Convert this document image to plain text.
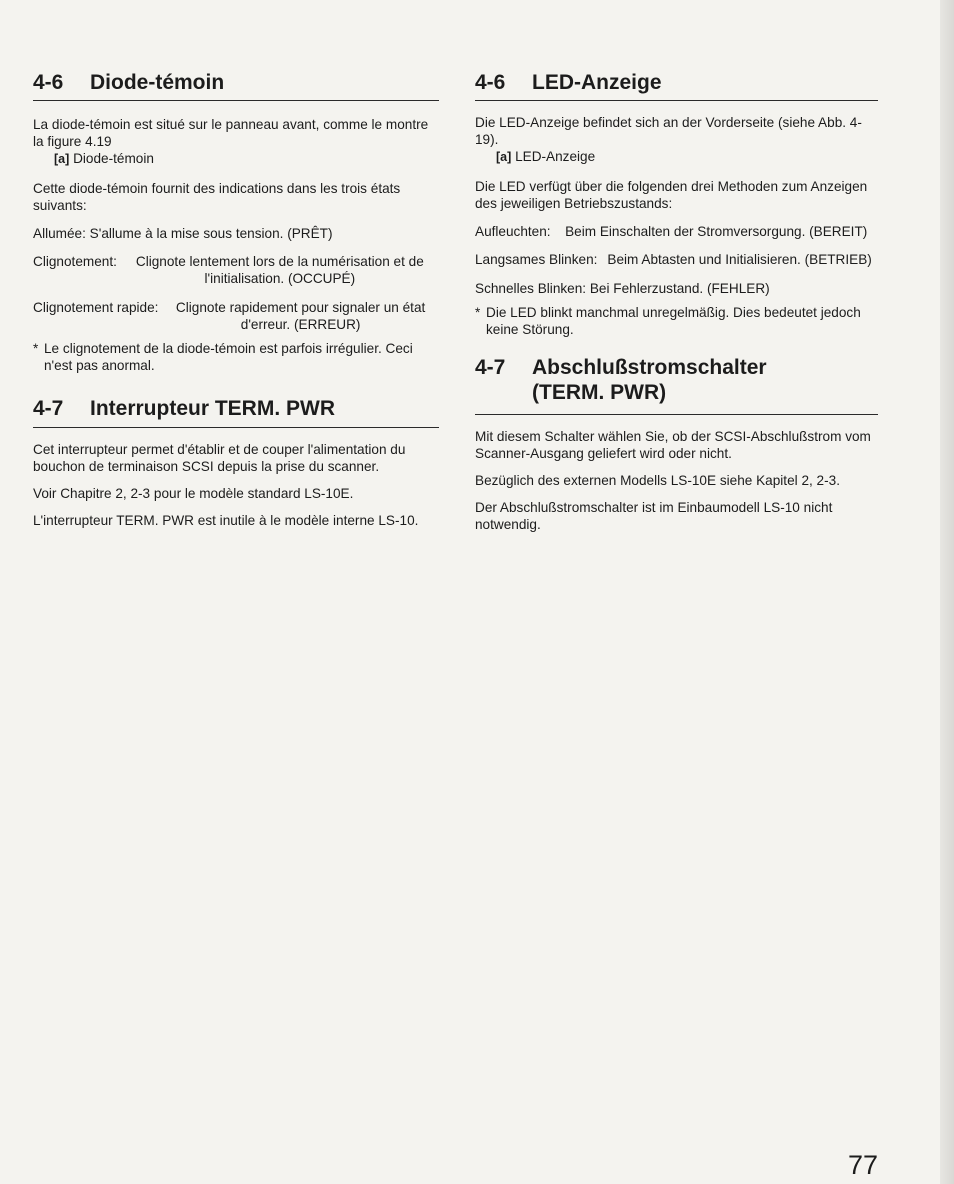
4-6	Diode-témoin

La diode-témoin est situé sur le panneau avant, comme le montre la figure 4.19

[a] Diode-témoin

Cette diode-témoin fournit des indications dans les trois états suivants:

Allumée: S'allume à la mise sous tension. (PRÊT)

Clignotement:	Clignote lentement lors de la numérisation et de l'initialisation. (OCCUPÉ)

Clignotement rapide:	Clignote rapidement pour signaler un état d'erreur. (ERREUR)

* Le clignotement de la diode-témoin est parfois irrégulier. Ceci n'est pas anormal.

4-7	Interrupteur TERM. PWR

Cet interrupteur permet d'établir et de couper l'alimentation du bouchon de terminaison SCSI depuis la prise du scanner.

Voir Chapitre 2, 2-3 pour le modèle standard LS-10E.

L'interrupteur TERM. PWR est inutile à le modèle interne LS-10.

4-6	LED-Anzeige

Die LED-Anzeige befindet sich an der Vorderseite (siehe Abb. 4-19).

[a] LED-Anzeige

Die LED verfügt über die folgenden drei Methoden zum Anzeigen des jeweiligen Betriebszustands:

Aufleuchten: Beim Einschalten der Stromversorgung. (BEREIT)

Langsames Blinken: Beim Abtasten und Initialisieren. (BETRIEB)

Schnelles Blinken: Bei Fehlerzustand. (FEHLER)

* Die LED blinkt manchmal unregelmäßig. Dies bedeutet jedoch keine Störung.

4-7	Abschlußstromschalter
(TERM. PWR)

Mit diesem Schalter wählen Sie, ob der SCSI-Abschlußstrom vom Scanner-Ausgang geliefert wird oder nicht.

Bezüglich des externen Modells LS-10E siehe Kapitel 2, 2-3.

Der Abschlußstromschalter ist im Einbaumodell LS-10 nicht notwendig.

77
